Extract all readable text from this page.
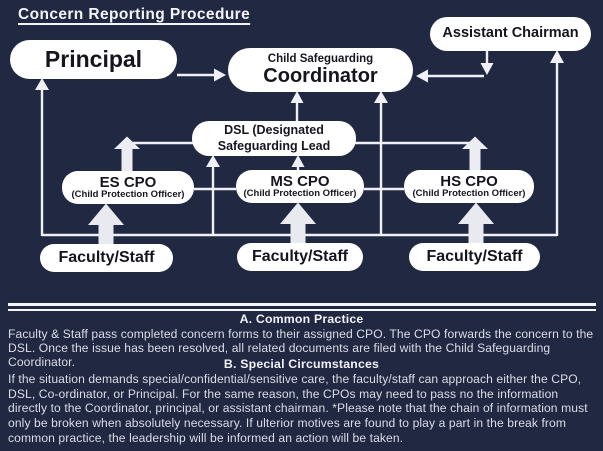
Concern Reporting Procedure
Principal	Child Safeguarding
Coordinator
Assistant Chairman
DSL (Designated
Safeguarding Lead
ES CPO
(Child Protection Officer)
MS CPO
(Child Protection Officer)
HS CPO
(Child Protection Officer)
Faculty/Staff	Faculty/Staff	Faculty/Staff
A. Common Practice
Faculty & Staff pass completed concern forms to their assigned CPO. The CPO forwards the concern to the DSL. Once the issue has been resolved, all related documents are filed with the Child Safeguarding Coordinator.	B. Special Circumstances
If the situation demands special/confidential/sensitive care, the faculty/staff can approach either the CPO, DSL, Co-ordinator, or Principal. For the same reason, the CPOs may need to pass no the information directly to the Coordinator, principal, or assistant chairman. *Please note that the chain of information must only be broken when absolutely necessary. If ulterior motives are found to play a part in the break from common practice, the leadership will be informed an action will be taken.
